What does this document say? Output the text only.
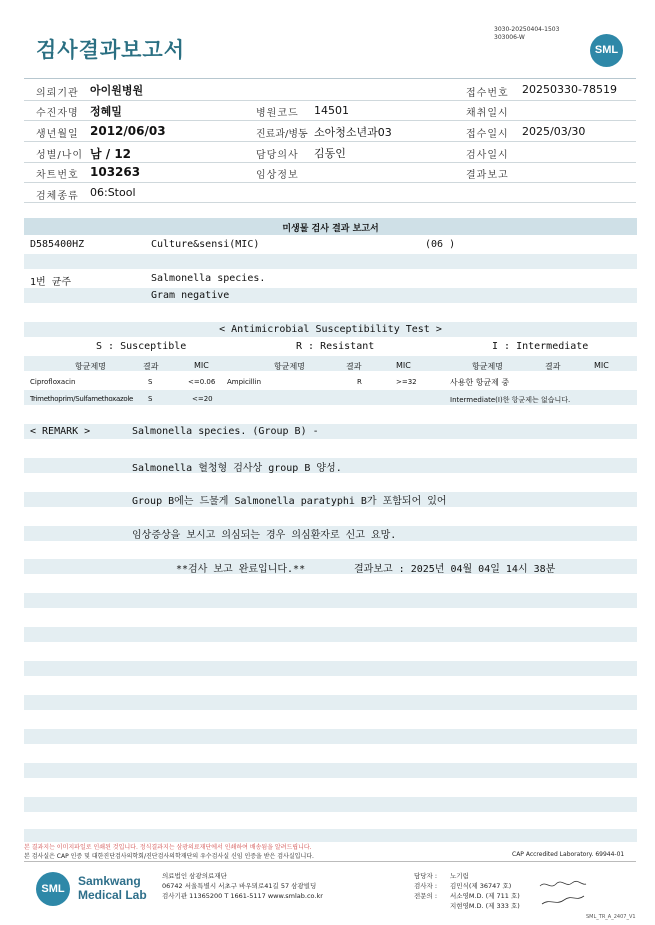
검사결과보고서
3030-20250404-1503
303006-W
SML
의뢰기관 아이원병원	접수번호 20250330-78519
수진자명 정혜밀	병원코드 14501	채취일시
생년월일 2012/06/03	진료과/병동 소아청소년과03	접수일시 2025/03/30
성별/나이 남 / 12	담당의사 김동인	검사일시
차트번호 103263	임상정보	결과보고
검체종류 06:Stool
미생물 검사 결과 보고서
D585400HZ	Culture&sensi(MIC)	(06 )
1번 균주	Salmonella species.
Gram negative
< Antimicrobial Susceptibility Test >
S : Susceptible	R : Resistant	I : Intermediate
항균제명	결과	MIC	항균제명	결과	MIC	항균제명	결과	MIC
Ciprofloxacin	S	<=0.06 Ampicillin	R	>=32	사용한 항균제 중
Trimethoprim/Sulfamethoxazole S	<=20	Intermediate(I)한 항균제는 없습니다.
< REMARK >	Salmonella species. (Group B) -
Salmonella 혈청형 검사상 group B 양성.
Group B에는 드물게 Salmonella paratyphi B가 포함되어 있어
임상증상을 보시고 의심되는 경우 의심환자로 신고 요망.
**검사 보고 완료입니다.**	결과보고 : 2025년 04월 04일 14시 38분
본 결과지는 이미지파일로 인쇄된 것입니다. 정식결과지는 삼광의료재단에서 인쇄하여 배송됨을 알려드립니다.
본 검사실은 CAP 인증 및 대한진단검사의학회/진단검사의학재단의 우수검사실 신임 인증을 받은 검사실입니다.	CAP Accredited Laboratory. 69944-01
SML
Samkwang
Medical Lab
의료법인 삼광의료재단
06742 서울특별시 서초구 바우뫼로41길 57 삼광빌딩
검사기관 11365200 T 1661-5117 www.smlab.co.kr
담당자 :
검사자 :
전문의 :
노기림
김민식(제 36747 호)
서소영M.D. (제 711 호)
지현영M.D. (제 333 호)
SML_TR_A_2407_V1
